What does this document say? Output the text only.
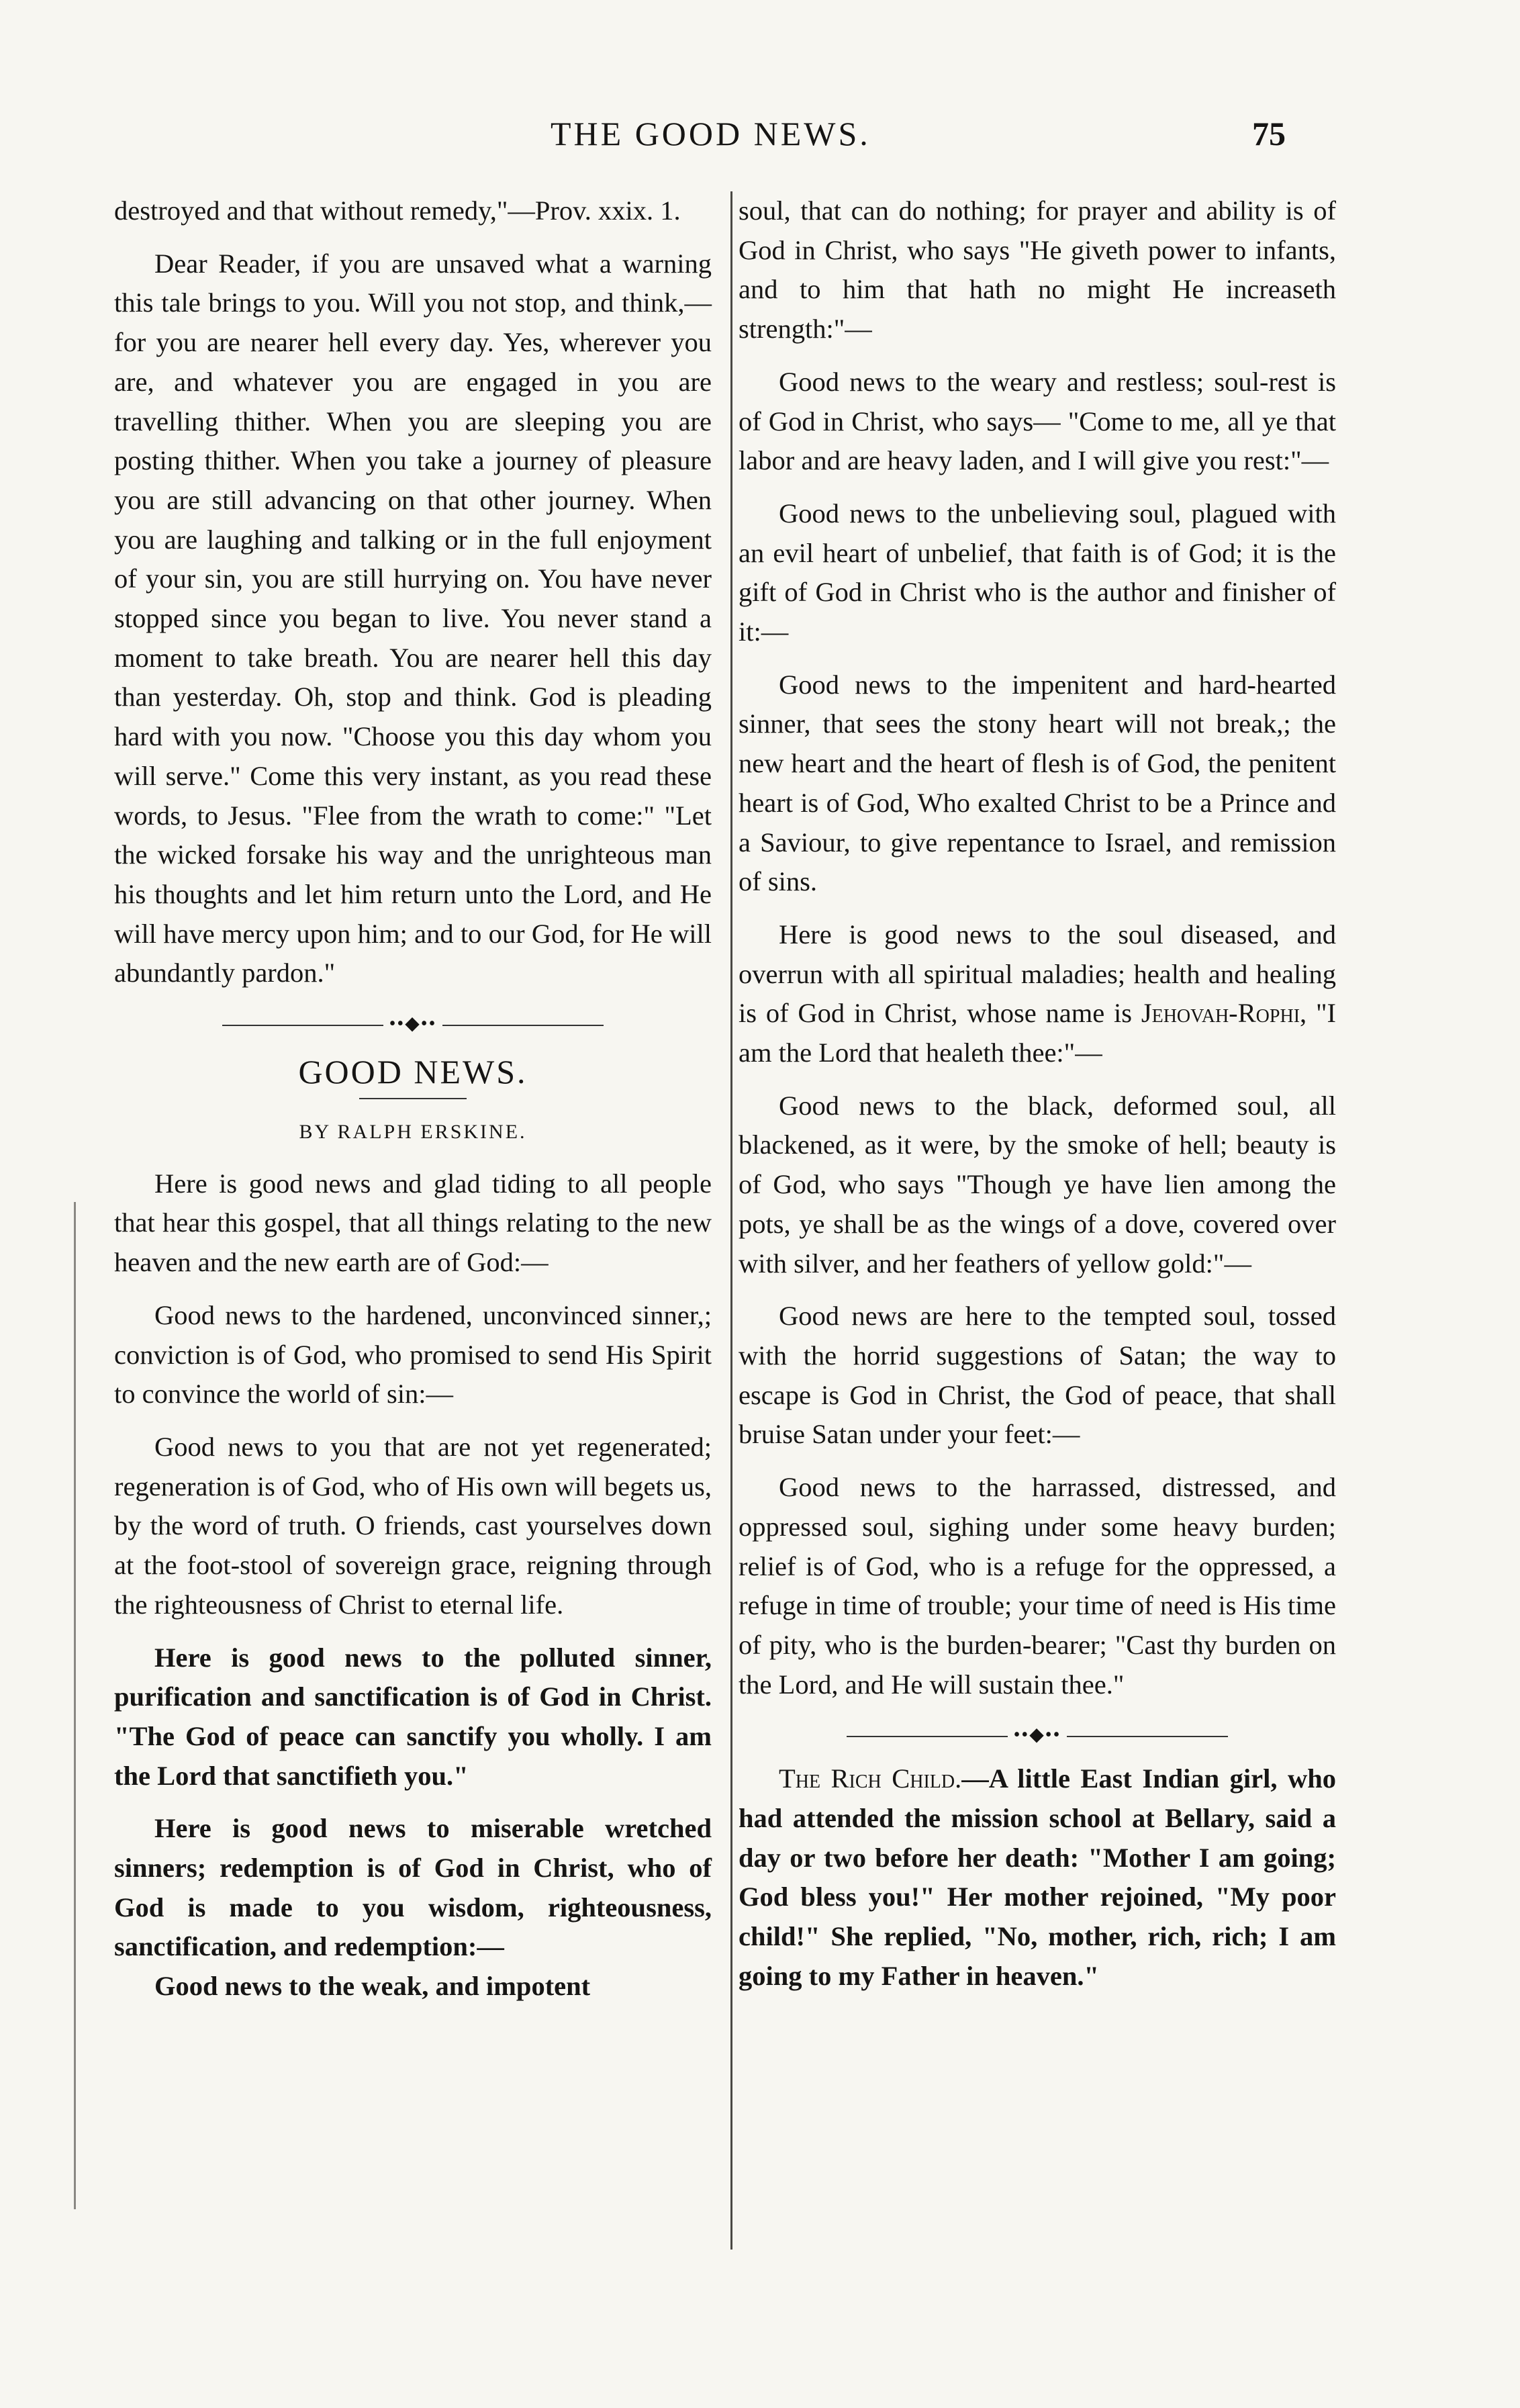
THE GOOD NEWS.	75

destroyed and that without remedy,"—Prov. xxix. 1.

Dear Reader, if you are unsaved what a warning this tale brings to you. Will you not stop, and think,—for you are nearer hell every day. Yes, wherever you are, and whatever you are engaged in you are travelling thither. When you are sleeping you are posting thither. When you take a journey of pleasure you are still advancing on that other journey. When you are laughing and talking or in the full enjoyment of your sin, you are still hurrying on. You have never stopped since you began to live. You never stand a moment to take breath. You are nearer hell this day than yesterday. Oh, stop and think. God is pleading hard with you now. "Choose you this day whom you will serve." Come this very instant, as you read these words, to Jesus. "Flee from the wrath to come:" "Let the wicked forsake his way and the unrighteous man his thoughts and let him return unto the Lord, and He will have mercy upon him; and to our God, for He will abundantly pardon."

••◆••
GOOD NEWS.
BY RALPH ERSKINE.

Here is good news and glad tiding to all people that hear this gospel, that all things relating to the new heaven and the new earth are of God:—

Good news to the hardened, unconvinced sinner,; conviction is of God, who promised to send His Spirit to convince the world of sin:—

Good news to you that are not yet regenerated; regeneration is of God, who of His own will begets us, by the word of truth. O friends, cast yourselves down at the foot-stool of sovereign grace, reigning through the righteousness of Christ to eternal life.

Here is good news to the polluted sinner, purification and sanctification is of God in Christ. "The God of peace can sanctify you wholly. I am the Lord that sanctifieth you."

Here is good news to miserable wretched sinners; redemption is of God in Christ, who of God is made to you wisdom, righteousness, sanctification, and redemption:—

Good news to the weak, and impotent

soul, that can do nothing; for prayer and ability is of God in Christ, who says "He giveth power to infants, and to him that hath no might He increaseth strength:"—

Good news to the weary and restless; soul-rest is of God in Christ, who says— "Come to me, all ye that labor and are heavy laden, and I will give you rest:"—

Good news to the unbelieving soul, plagued with an evil heart of unbelief, that faith is of God; it is the gift of God in Christ who is the author and finisher of it:—

Good news to the impenitent and hard-hearted sinner, that sees the stony heart will not break,; the new heart and the heart of flesh is of God, the penitent heart is of God, Who exalted Christ to be a Prince and a Saviour, to give repentance to Israel, and remission of sins.

Here is good news to the soul diseased, and overrun with all spiritual maladies; health and healing is of God in Christ, whose name is Jehovah-Rophi, "I am the Lord that healeth thee:"—

Good news to the black, deformed soul, all blackened, as it were, by the smoke of hell; beauty is of God, who says "Though ye have lien among the pots, ye shall be as the wings of a dove, covered over with silver, and her feathers of yellow gold:"—

Good news are here to the tempted soul, tossed with the horrid suggestions of Satan; the way to escape is God in Christ, the God of peace, that shall bruise Satan under your feet:—

Good news to the harrassed, distressed, and oppressed soul, sighing under some heavy burden; relief is of God, who is a refuge for the oppressed, a refuge in time of trouble; your time of need is His time of pity, who is the burden-bearer; "Cast thy burden on the Lord, and He will sustain thee."

••◆••

The Rich Child.—A little East Indian girl, who had attended the mission school at Bellary, said a day or two before her death: "Mother I am going; God bless you!" Her mother rejoined, "My poor child!" She replied, "No, mother, rich, rich; I am going to my Father in heaven."
